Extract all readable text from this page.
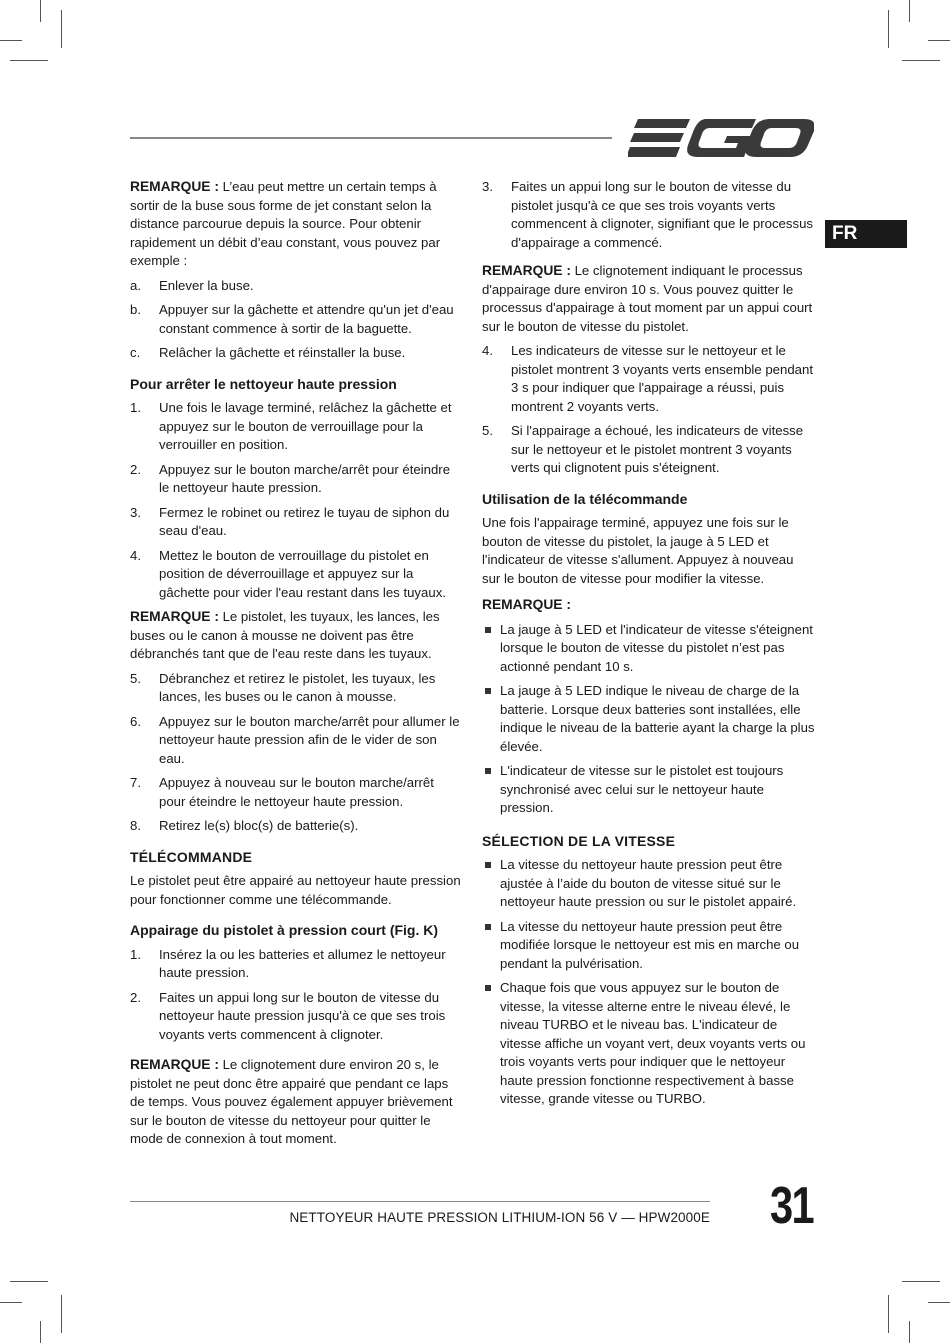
FR

REMARQUE : L’eau peut mettre un certain temps à sortir de la buse sous forme de jet constant selon la distance parcourue depuis la source. Pour obtenir rapidement un débit d’eau constant, vous pouvez par exemple :

a. Enlever la buse.
b. Appuyer sur la gâchette et attendre qu'un jet d'eau constant commence à sortir de la baguette.
c. Relâcher la gâchette et réinstaller la buse.
Pour arrêter le nettoyeur haute pression
1. Une fois le lavage terminé, relâchez la gâchette et appuyez sur le bouton de verrouillage pour la verrouiller en position.
2. Appuyez sur le bouton marche/arrêt pour éteindre le nettoyeur haute pression.
3. Fermez le robinet ou retirez le tuyau de siphon du seau d'eau.
4. Mettez le bouton de verrouillage du pistolet en position de déverrouillage et appuyez sur la gâchette pour vider l'eau restant dans les tuyaux.

REMARQUE : Le pistolet, les tuyaux, les lances, les buses ou le canon à mousse ne doivent pas être débranchés tant que de l'eau reste dans les tuyaux.

5. Débranchez et retirez le pistolet, les tuyaux, les lances, les buses ou le canon à mousse.
6. Appuyez sur le bouton marche/arrêt pour allumer le nettoyeur haute pression afin de le vider de son eau.
7. Appuyez à nouveau sur le bouton marche/arrêt pour éteindre le nettoyeur haute pression.
8. Retirez le(s) bloc(s) de batterie(s).
TÉLÉCOMMANDE

Le pistolet peut être appairé au nettoyeur haute pression pour fonctionner comme une télécommande.

Appairage du pistolet à pression court (Fig. K)
1. Insérez la ou les batteries et allumez le nettoyeur haute pression.
2. Faites un appui long sur le bouton de vitesse du nettoyeur haute pression jusqu'à ce que ses trois voyants verts commencent à clignoter.

REMARQUE : Le clignotement dure environ 20 s, le pistolet ne peut donc être appairé que pendant ce laps de temps. Vous pouvez également appuyer brièvement sur le bouton de vitesse du nettoyeur pour quitter le mode de connexion à tout moment.

3. Faites un appui long sur le bouton de vitesse du pistolet jusqu'à ce que ses trois voyants verts commencent à clignoter, signifiant que le processus d'appairage a commencé.

REMARQUE : Le clignotement indiquant le processus d'appairage dure environ 10 s. Vous pouvez quitter le processus d'appairage à tout moment par un appui court sur le bouton de vitesse du pistolet.

4. Les indicateurs de vitesse sur le nettoyeur et le pistolet montrent 3 voyants verts ensemble pendant 3 s pour indiquer que l'appairage a réussi, puis montrent 2 voyants verts.
5. Si l'appairage a échoué, les indicateurs de vitesse sur le nettoyeur et le pistolet montrent 3 voyants verts qui clignotent puis s'éteignent.
Utilisation de la télécommande

Une fois l'appairage terminé, appuyez une fois sur le bouton de vitesse du pistolet, la jauge à 5 LED et l'indicateur de vitesse s'allument. Appuyez à nouveau sur le bouton de vitesse pour modifier la vitesse.

REMARQUE :

La jauge à 5 LED et l'indicateur de vitesse s'éteignent lorsque le bouton de vitesse du pistolet n’est pas actionné pendant 10 s.
La jauge à 5 LED indique le niveau de charge de la batterie. Lorsque deux batteries sont installées, elle indique le niveau de la batterie ayant la charge la plus élevée.
L'indicateur de vitesse sur le pistolet est toujours synchronisé avec celui sur le nettoyeur haute pression.
SÉLECTION DE LA VITESSE
La vitesse du nettoyeur haute pression peut être ajustée à l’aide du bouton de vitesse situé sur le nettoyeur haute pression ou sur le pistolet appairé.
La vitesse du nettoyeur haute pression peut être modifiée lorsque le nettoyeur est mis en marche ou pendant la pulvérisation.
Chaque fois que vous appuyez sur le bouton de vitesse, la vitesse alterne entre le niveau élevé, le niveau TURBO et le niveau bas. L'indicateur de vitesse affiche un voyant vert, deux voyants verts ou trois voyants verts pour indiquer que le nettoyeur haute pression fonctionne respectivement à basse vitesse, grande vitesse ou TURBO.
NETTOYEUR HAUTE PRESSION LITHIUM-ION 56 V — HPW2000E 31
